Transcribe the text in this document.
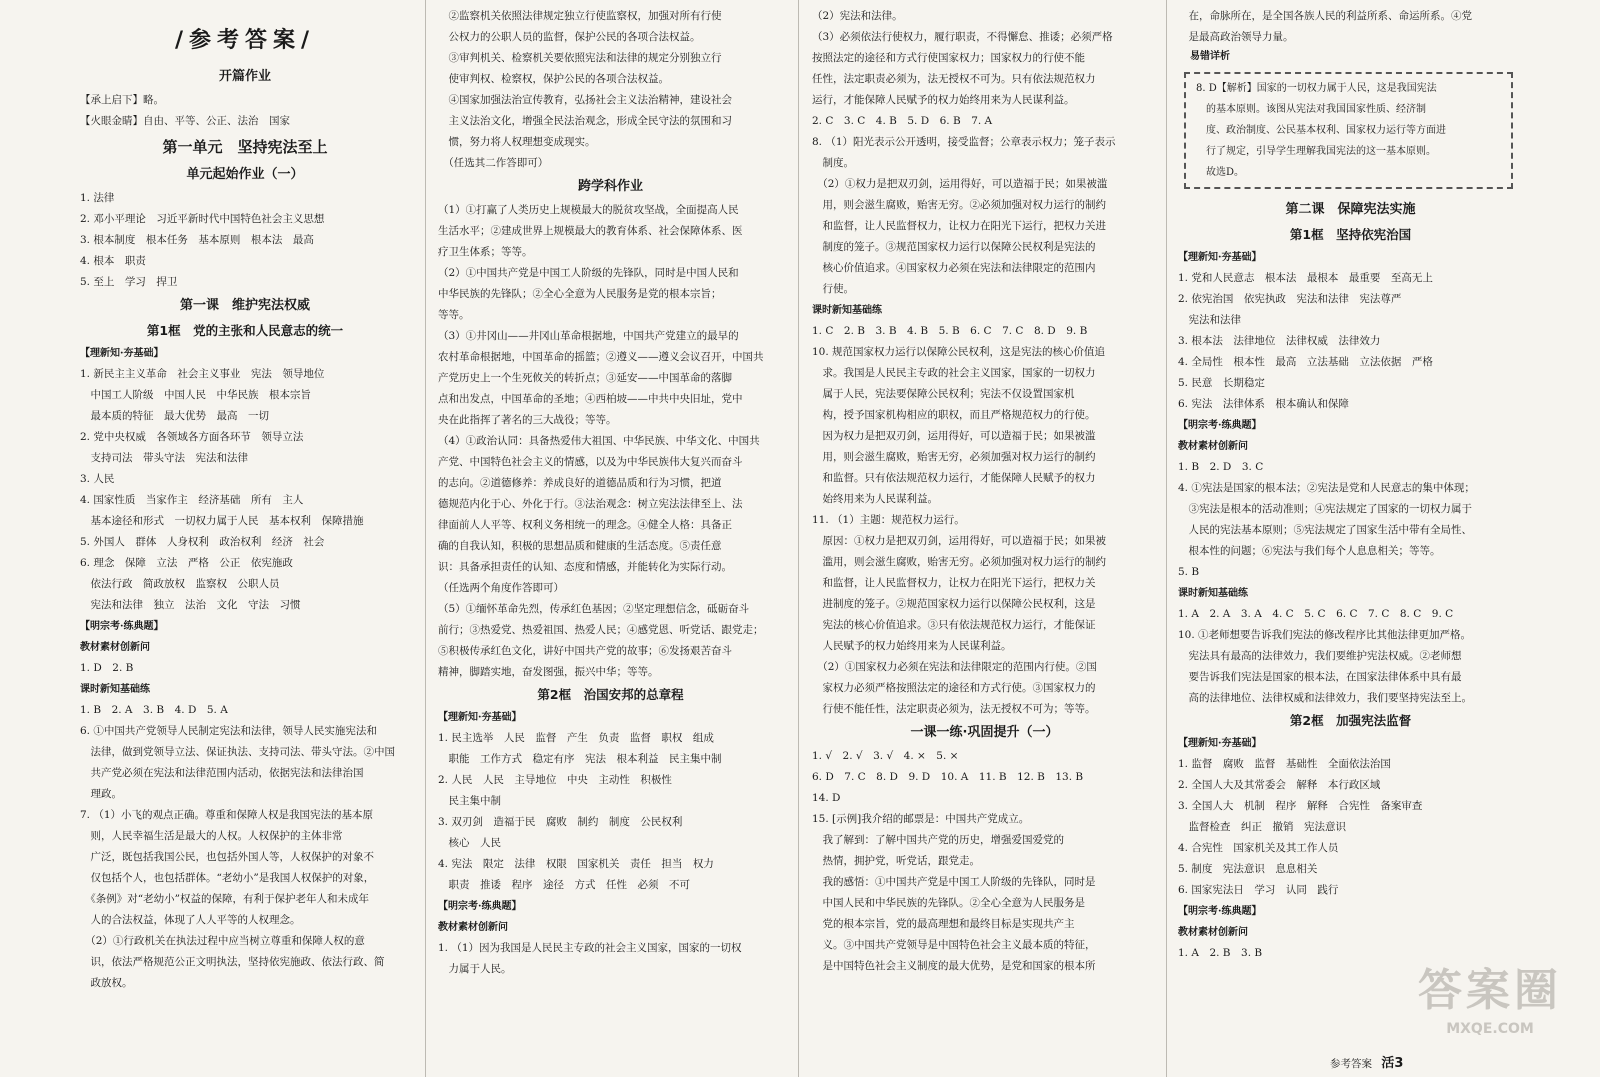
/参考答案/
开篇作业
【承上启下】略。
【火眼金睛】自由、平等、公正、法治　国家
第一单元　坚持宪法至上
单元起始作业（一）
1. 法律
2. 邓小平理论　习近平新时代中国特色社会主义思想
3. 根本制度　根本任务　基本原则　根本法　最高
4. 根本　职责
5. 至上　学习　捍卫
第一课　维护宪法权威
第1框　党的主张和人民意志的统一
【理新知·夯基础】
1. 新民主主义革命　社会主义事业　宪法　领导地位
　中国工人阶级　中国人民　中华民族　根本宗旨
　最本质的特征　最大优势　最高　一切
2. 党中央权威　各领域各方面各环节　领导立法
　支持司法　带头守法　宪法和法律
3. 人民
4. 国家性质　当家作主　经济基础　所有　主人
　基本途径和形式　一切权力属于人民　基本权利　保障措施
5. 外国人　群体　人身权利　政治权利　经济　社会
6. 理念　保障　立法　严格　公正　依宪施政
　依法行政　简政放权　监察权　公职人员
　宪法和法律　独立　法治　文化　守法　习惯
【明宗考·练典题】
教材素材创新问
1. D　2. B
课时新知基础练
1. B　2. A　3. B　4. D　5. A
6. ①中国共产党领导人民制定宪法和法律，领导人民实施宪法和
　法律，做到党领导立法、保证执法、支持司法、带头守法。②中国
　共产党必须在宪法和法律范围内活动，依据宪法和法律治国
　理政。
7. （1）小飞的观点正确。尊重和保障人权是我国宪法的基本原
　则，人民幸福生活是最大的人权。人权保护的主体非常
　广泛，既包括我国公民，也包括外国人等，人权保护的对象不
　仅包括个人，也包括群体。“老幼小”是我国人权保护的对象，
　《条例》对“老幼小”权益的保障，有利于保护老年人和未成年
　人的合法权益，体现了人人平等的人权理念。
　（2）①行政机关在执法过程中应当树立尊重和保障人权的意
　识，依法严格规范公正文明执法，坚持依宪施政、依法行政、简
　政放权。
　②监察机关依照法律规定独立行使监察权，加强对所有行使
　公权力的公职人员的监督，保护公民的各项合法权益。
　③审判机关、检察机关要依照宪法和法律的规定分别独立行
　使审判权、检察权，保护公民的各项合法权益。
　④国家加强法治宣传教育，弘扬社会主义法治精神，建设社会
　主义法治文化，增强全民法治观念，形成全民守法的氛围和习
　惯，努力将人权理想变成现实。
　（任选其二作答即可）
跨学科作业
（1）①打赢了人类历史上规模最大的脱贫攻坚战，全面提高人民
生活水平；②建成世界上规模最大的教育体系、社会保障体系、医
疗卫生体系；等等。
（2）①中国共产党是中国工人阶级的先锋队，同时是中国人民和
中华民族的先锋队；②全心全意为人民服务是党的根本宗旨；
等等。
（3）①井冈山——井冈山革命根据地，中国共产党建立的最早的
农村革命根据地，中国革命的摇篮；②遵义——遵义会议召开，中国共
产党历史上一个生死攸关的转折点；③延安——中国革命的落脚
点和出发点，中国革命的圣地；④西柏坡——中共中央旧址，党中
央在此指挥了著名的三大战役；等等。
（4）①政治认同：具备热爱伟大祖国、中华民族、中华文化、中国共
产党、中国特色社会主义的情感，以及为中华民族伟大复兴而奋斗
的志向。②道德修养：养成良好的道德品质和行为习惯，把道
德规范内化于心、外化于行。③法治观念：树立宪法法律至上、法
律面前人人平等、权利义务相统一的理念。④健全人格：具备正
确的自我认知，积极的思想品质和健康的生活态度。⑤责任意
识：具备承担责任的认知、态度和情感，并能转化为实际行动。
（任选两个角度作答即可）
（5）①缅怀革命先烈，传承红色基因；②坚定理想信念，砥砺奋斗
前行；③热爱党、热爱祖国、热爱人民；④感党恩、听党话、跟党走；
⑤积极传承红色文化，讲好中国共产党的故事；⑥发扬艰苦奋斗
精神，脚踏实地，奋发图强，振兴中华；等等。
第2框　治国安邦的总章程
【理新知·夯基础】
1. 民主选举　人民　监督　产生　负责　监督　职权　组成
　职能　工作方式　稳定有序　宪法　根本利益　民主集中制
2. 人民　人民　主导地位　中央　主动性　积极性
　民主集中制
3. 双刃剑　造福于民　腐败　制约　制度　公民权利
　核心　人民
4. 宪法　限定　法律　权限　国家机关　责任　担当　权力
　职责　推诿　程序　途径　方式　任性　必须　不可
【明宗考·练典题】
教材素材创新问
1. （1）因为我国是人民民主专政的社会主义国家，国家的一切权
　力属于人民。
（2）宪法和法律。
（3）必须依法行使权力，履行职责，不得懈怠、推诿；必须严格
按照法定的途径和方式行使国家权力；国家权力的行使不能
任性，法定职责必须为，法无授权不可为。只有依法规范权力
运行，才能保障人民赋予的权力始终用来为人民谋利益。
2. C　3. C　4. B　5. D　6. B　7. A
8. （1）阳光表示公开透明，接受监督；公章表示权力；笼子表示
　制度。
　（2）①权力是把双刃剑，运用得好，可以造福于民；如果被滥
　用，则会滋生腐败，贻害无穷。②必须加强对权力运行的制约
　和监督，让人民监督权力，让权力在阳光下运行，把权力关进
　制度的笼子。③规范国家权力运行以保障公民权利是宪法的
　核心价值追求。④国家权力必须在宪法和法律限定的范围内
　行使。
课时新知基础练
1. C　2. B　3. B　4. B　5. B　6. C　7. C　8. D　9. B
10. 规范国家权力运行以保障公民权利，这是宪法的核心价值追
　求。我国是人民民主专政的社会主义国家，国家的一切权力
　属于人民，宪法要保障公民权利；宪法不仅设置国家机
　构，授予国家机构相应的职权，而且严格规范权力的行使。
　因为权力是把双刃剑，运用得好，可以造福于民；如果被滥
　用，则会滋生腐败，贻害无穷，必须加强对权力运行的制约
　和监督。只有依法规范权力运行，才能保障人民赋予的权力
　始终用来为人民谋利益。
11. （1）主题：规范权力运行。
　原因：①权力是把双刃剑，运用得好，可以造福于民；如果被
　滥用，则会滋生腐败，贻害无穷。必须加强对权力运行的制约
　和监督，让人民监督权力，让权力在阳光下运行，把权力关
　进制度的笼子。②规范国家权力运行以保障公民权利，这是
　宪法的核心价值追求。③只有依法规范权力运行，才能保证
　人民赋予的权力始终用来为人民谋利益。
　（2）①国家权力必须在宪法和法律限定的范围内行使。②国
　家权力必须严格按照法定的途径和方式行使。③国家权力的
　行使不能任性，法定职责必须为，法无授权不可为；等等。
一课一练·巩固提升（一）
1. √　2. √　3. √　4. ×　5. ×
6. D　7. C　8. D　9. D　10. A　11. B　12. B　13. B
14. D
15. [示例]我介绍的邮票是：中国共产党成立。
　我了解到：了解中国共产党的历史，增强爱国爱党的
　热情，拥护党，听党话，跟党走。
　我的感悟：①中国共产党是中国工人阶级的先锋队，同时是
　中国人民和中华民族的先锋队。②全心全意为人民服务是
　党的根本宗旨，党的最高理想和最终目标是实现共产主
　义。③中国共产党领导是中国特色社会主义最本质的特征，
　是中国特色社会主义制度的最大优势，是党和国家的根本所
　在，命脉所在，是全国各族人民的利益所系、命运所系。④党
　是最高政治领导力量。
易错详析
8. D【解析】国家的一切权力属于人民，这是我国宪法
　的基本原则。该图从宪法对我国国家性质、经济制
　度、政治制度、公民基本权利、国家权力运行等方面进
　行了规定，引导学生理解我国宪法的这一基本原则。
　故选D。
第二课　保障宪法实施
第1框　坚持依宪治国
【理新知·夯基础】
1. 党和人民意志　根本法　最根本　最重要　至高无上
2. 依宪治国　依宪执政　宪法和法律　宪法尊严
　宪法和法律
3. 根本法　法律地位　法律权威　法律效力
4. 全局性　根本性　最高　立法基础　立法依据　严格
5. 民意　长期稳定
6. 宪法　法律体系　根本确认和保障
【明宗考·练典题】
教材素材创新问
1. B　2. D　3. C
4. ①宪法是国家的根本法；②宪法是党和人民意志的集中体现；
　③宪法是根本的活动准则；④宪法规定了国家的一切权力属于
　人民的宪法基本原则；⑤宪法规定了国家生活中带有全局性、
　根本性的问题；⑥宪法与我们每个人息息相关；等等。
5. B
课时新知基础练
1. A　2. A　3. A　4. C　5. C　6. C　7. C　8. C　9. C
10. ①老师想要告诉我们宪法的修改程序比其他法律更加严格。
　宪法具有最高的法律效力，我们要维护宪法权威。②老师想
　要告诉我们宪法是国家的根本法，在国家法律体系中具有最
　高的法律地位、法律权威和法律效力，我们要坚持宪法至上。
第2框　加强宪法监督
【理新知·夯基础】
1. 监督　腐败　监督　基础性　全面依法治国
2. 全国人大及其常委会　解释　本行政区域
3. 全国人大　机制　程序　解释　合宪性　备案审查
　监督检查　纠正　撤销　宪法意识
4. 合宪性　国家机关及其工作人员
5. 制度　宪法意识　息息相关
6. 国家宪法日　学习　认同　践行
【明宗考·练典题】
教材素材创新问
1. A　2. B　3. B
参考答案 活3
答案圈
MXQE.COM
